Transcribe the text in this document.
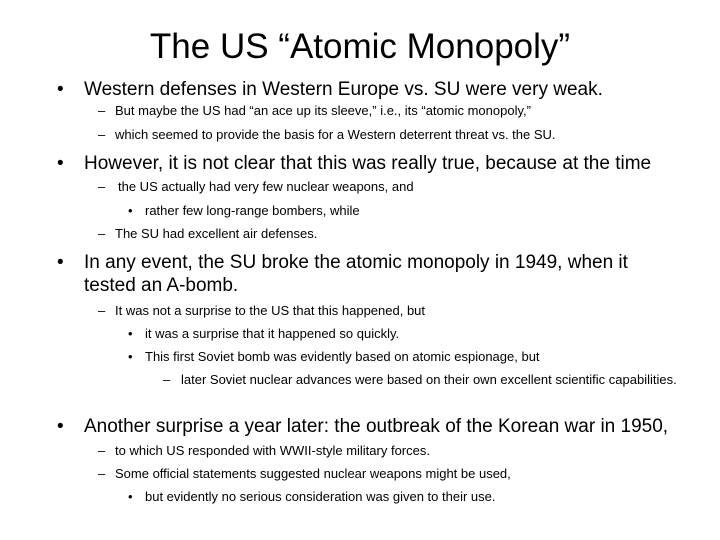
The US “Atomic Monopoly”
• Western defenses in Western Europe vs. SU were very weak.
– But maybe the US had “an ace up its sleeve,” i.e., its “atomic monopoly,”
– which seemed to provide the basis for a Western deterrent threat vs. the SU.
• However, it is not clear that this was really true, because at the time
– the US actually had very few nuclear weapons, and
• rather few long-range bombers, while
– The SU had excellent air defenses.
• In any event, the SU broke the atomic monopoly in 1949, when it tested an A-bomb.
– It was not a surprise to the US that this happened, but
• it was a surprise that it happened so quickly.
• This first Soviet bomb was evidently based on atomic espionage, but
– later Soviet nuclear advances were based on their own excellent scientific capabilities.
• Another surprise a year later: the outbreak of the Korean war in 1950,
– to which US responded with WWII-style military forces.
– Some official statements suggested nuclear weapons might be used,
• but evidently no serious consideration was given to their use.
